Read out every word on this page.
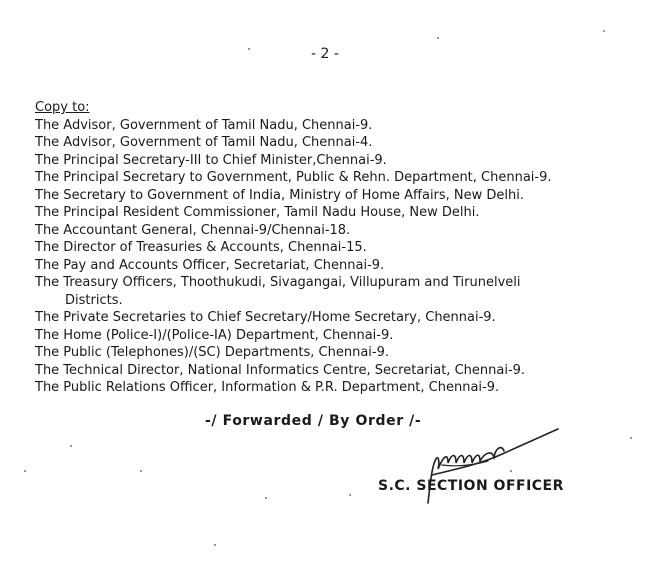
- 2 -

Copy to:

The Advisor, Government of Tamil Nadu, Chennai-9.
The Advisor, Government of Tamil Nadu, Chennai-4.
The Principal Secretary-III to Chief Minister,Chennai-9.
The Principal Secretary to Government, Public & Rehn. Department, Chennai-9.
The Secretary to Government of India, Ministry of Home Affairs, New Delhi.
The Principal Resident Commissioner, Tamil Nadu House, New Delhi.
The Accountant General, Chennai-9/Chennai-18.
The Director of Treasuries & Accounts, Chennai-15.
The Pay and Accounts Officer, Secretariat, Chennai-9.
The Treasury Officers, Thoothukudi, Sivagangai, Villupuram and Tirunelveli
Districts.
The Private Secretaries to Chief Secretary/Home Secretary, Chennai-9.
The Home (Police-I)/(Police-IA) Department, Chennai-9.
The Public (Telephones)/(SC) Departments, Chennai-9.
The Technical Director, National Informatics Centre, Secretariat, Chennai-9.
The Public Relations Officer, Information & P.R. Department, Chennai-9.
-/ Forwarded / By Order /-
S.C. SECTION OFFICER
